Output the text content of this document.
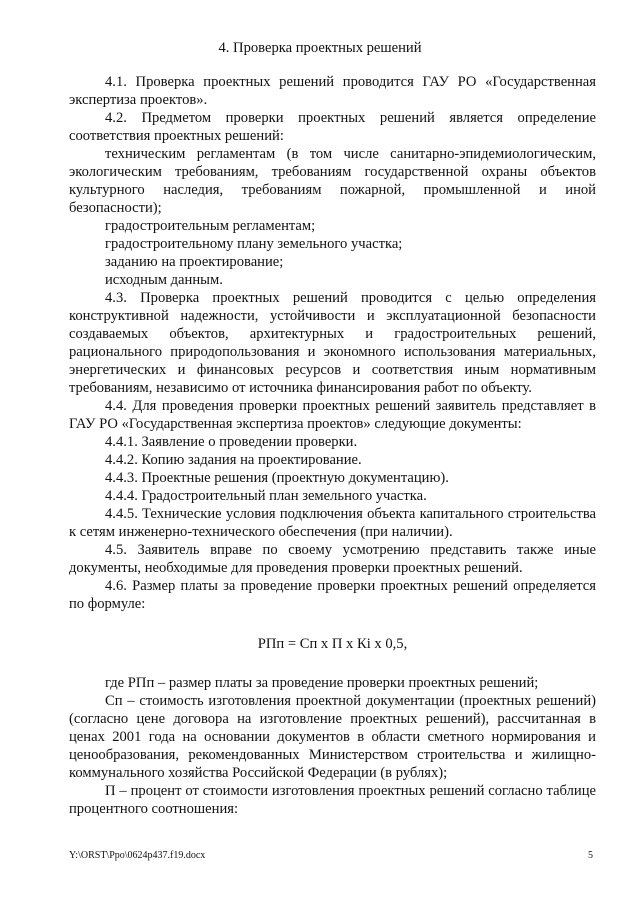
4. Проверка проектных решений

4.1. Проверка проектных решений проводится ГАУ РО «Государственная экспертиза проектов».

4.2. Предметом проверки проектных решений является определение соответствия проектных решений:

техническим регламентам (в том числе санитарно-эпидемиологическим, экологическим требованиям, требованиям государственной охраны объектов культурного наследия, требованиям пожарной, промышленной и иной безопасности);

градостроительным регламентам;

градостроительному плану земельного участка;

заданию на проектирование;

исходным данным.

4.3. Проверка проектных решений проводится с целью определения конструктивной надежности, устойчивости и эксплуатационной безопасности создаваемых объектов, архитектурных и градостроительных решений, рационального природопользования и экономного использования материальных, энергетических и финансовых ресурсов и соответствия иным нормативным требованиям, независимо от источника финансирования работ по объекту.

4.4. Для проведения проверки проектных решений заявитель представляет в ГАУ РО «Государственная экспертиза проектов» следующие документы:

4.4.1. Заявление о проведении проверки.

4.4.2. Копию задания на проектирование.

4.4.3. Проектные решения (проектную документацию).

4.4.4. Градостроительный план земельного участка.

4.4.5. Технические условия подключения объекта капитального строительства к сетям инженерно-технического обеспечения (при наличии).

4.5. Заявитель вправе по своему усмотрению представить также иные документы, необходимые для проведения проверки проектных решений.

4.6. Размер платы за проведение проверки проектных решений определяется по формуле:

РПп = Сп х П х Кi х 0,5,

где РПп – размер платы за проведение проверки проектных решений;

Сп – стоимость изготовления проектной документации (проектных решений) (согласно цене договора на изготовление проектных решений), рассчитанная в ценах 2001 года на основании документов в области сметного нормирования и ценообразования, рекомендованных Министерством строительства и жилищно-коммунального хозяйства Российской Федерации (в рублях);

П – процент от стоимости изготовления проектных решений согласно таблице процентного соотношения:

Y:\ORST\Ppo\0624p437.f19.docx	5
